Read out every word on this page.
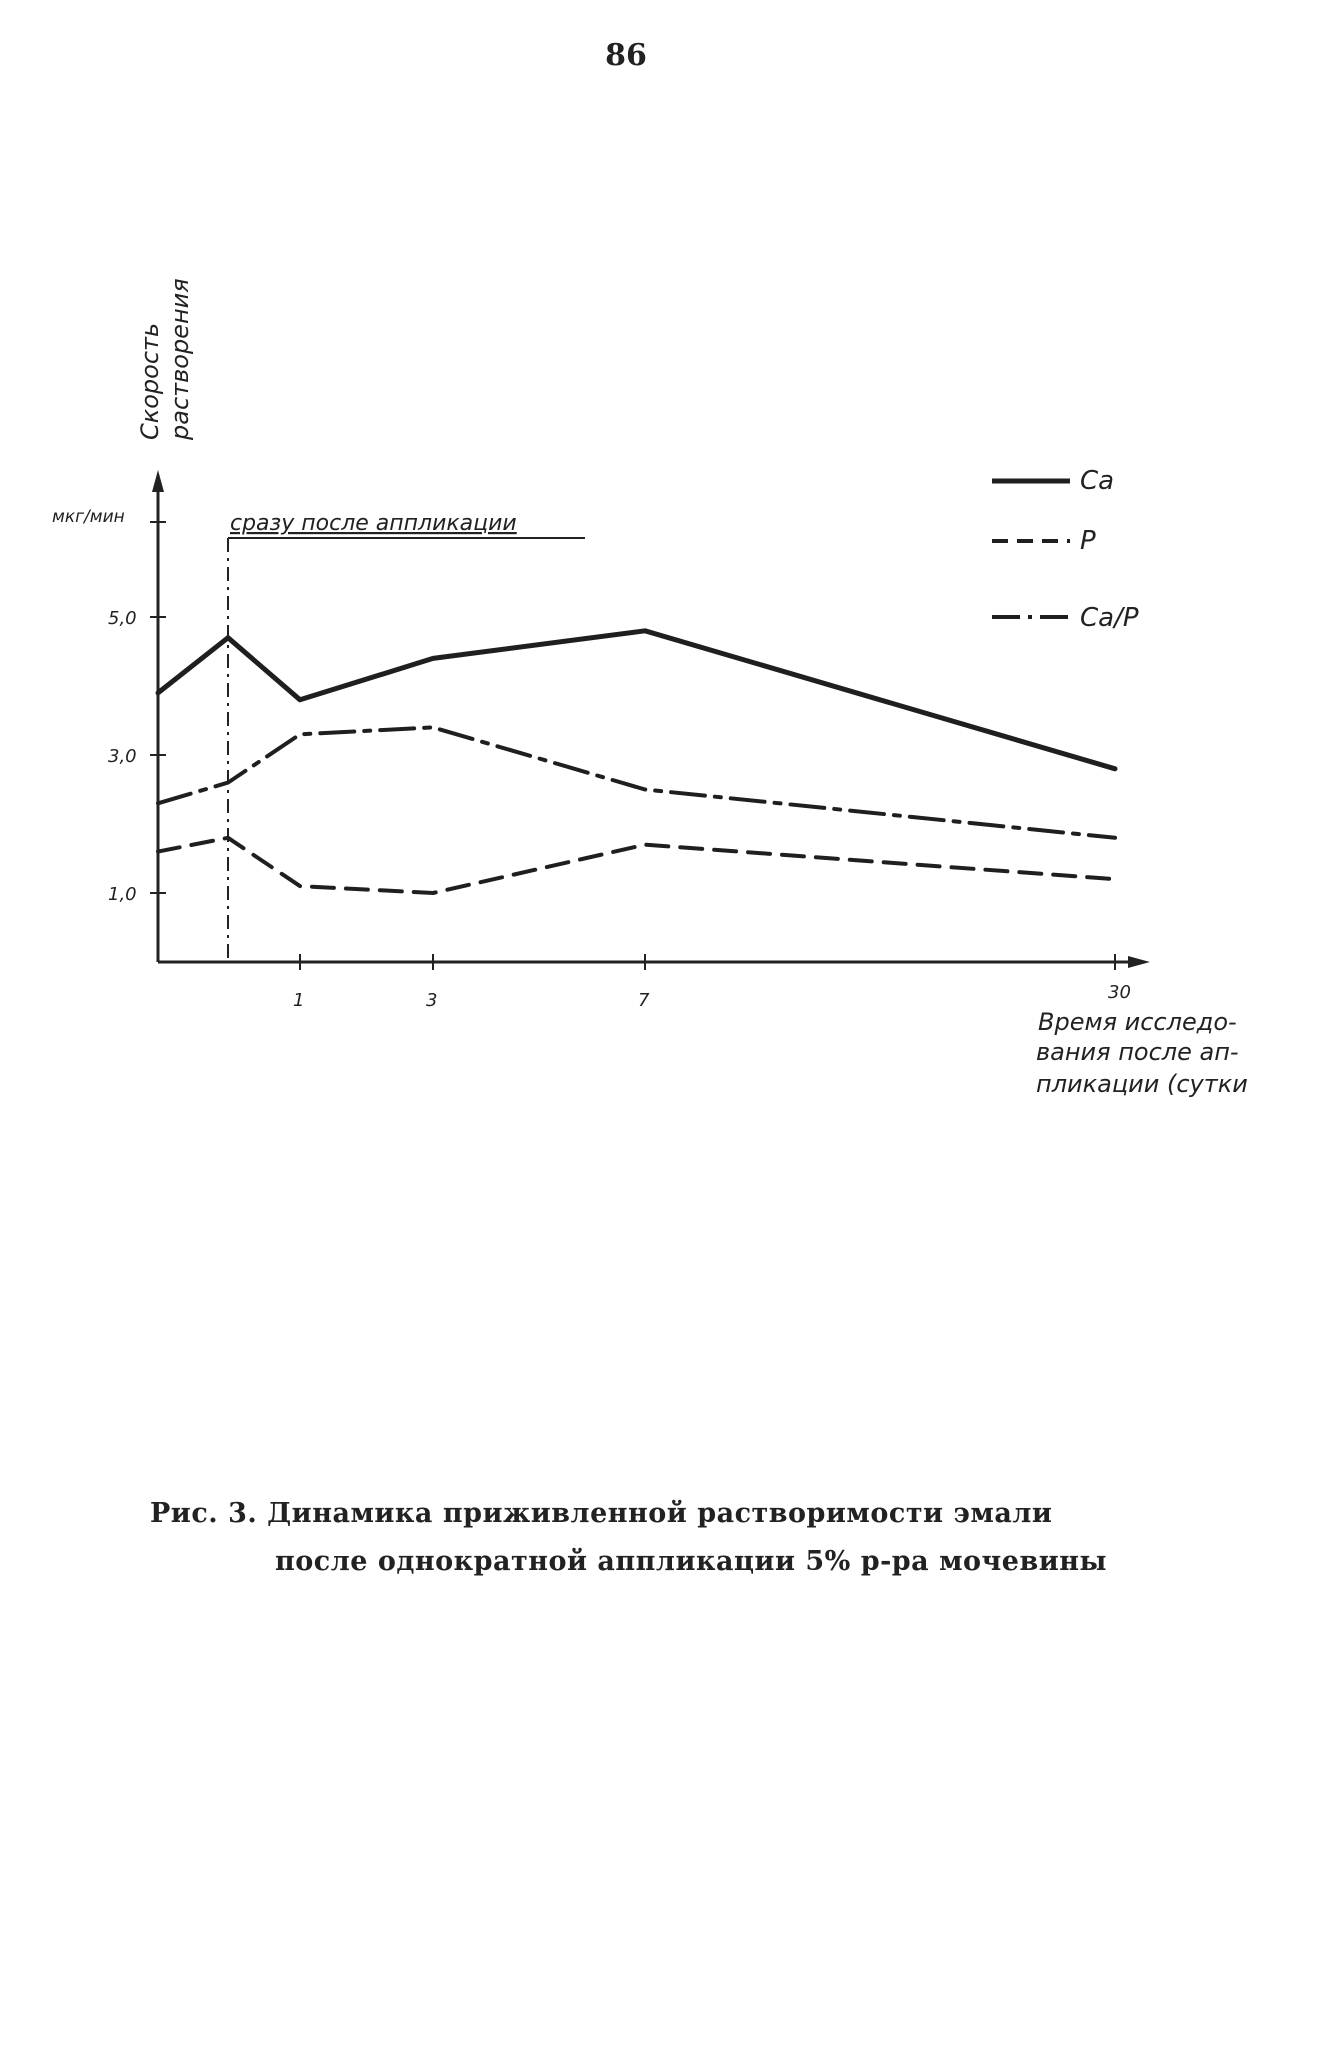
86
Скорость растворения
мкг/мин	сразу после аппликации
Ca
P
Ca/P
Время исследо-
вания после ап-
пликации (сутки
1,0
3,0
5,0
1	3	7	30
Рис. 3. Динамика приживленной растворимости эмали
после однократной аппликации 5% р-ра мочевины
